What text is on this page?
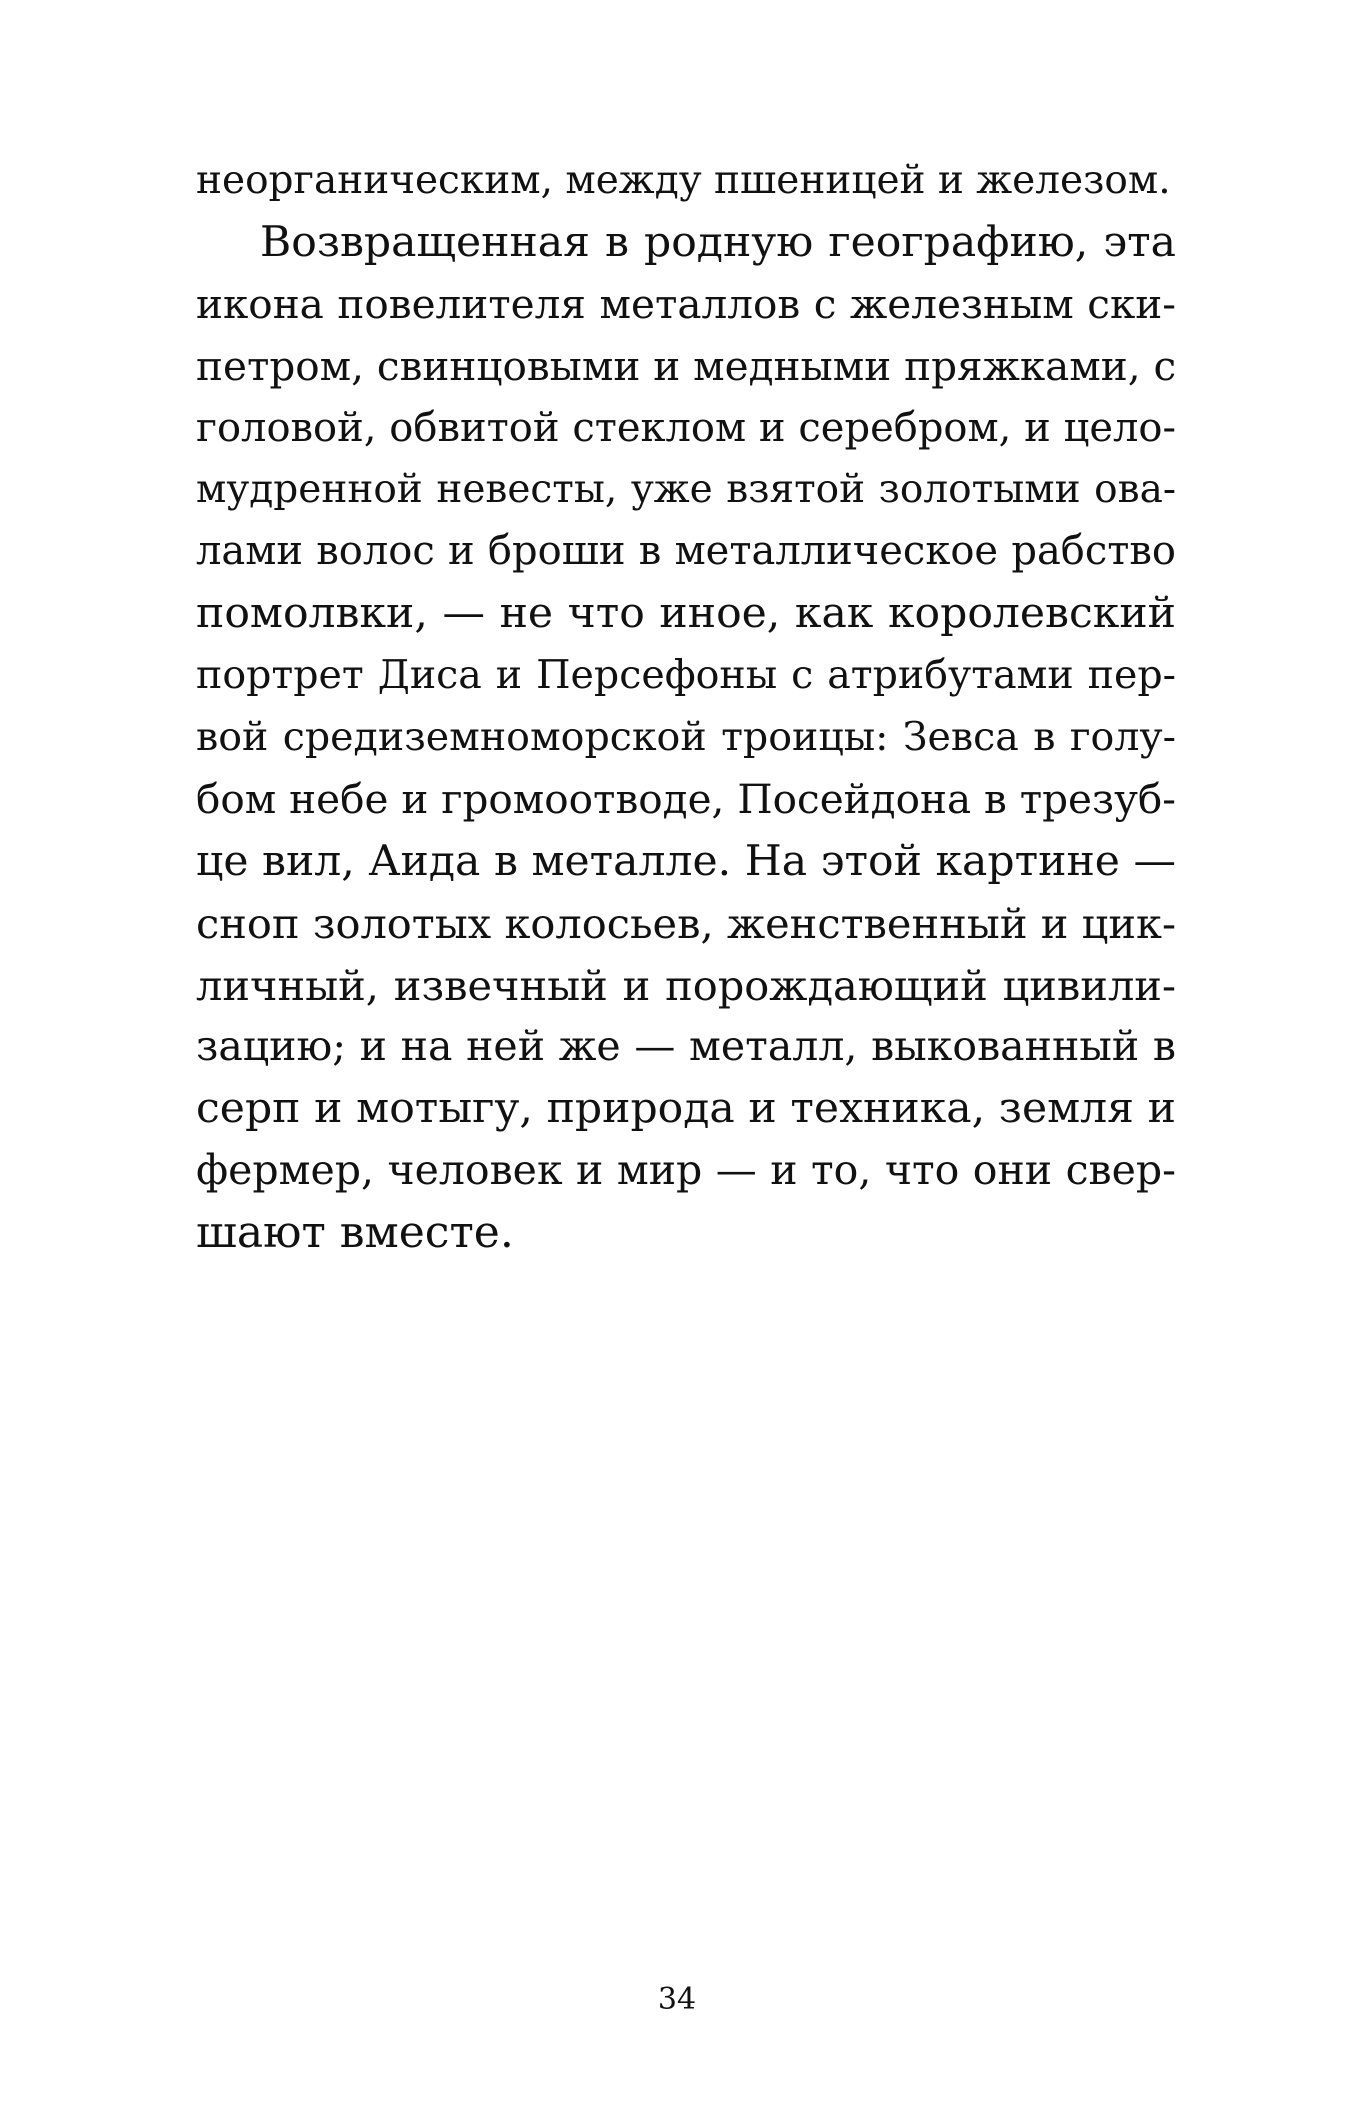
неорганическим, между пшеницей и железом.
Возвращенная в родную географию, эта
икона повелителя металлов с железным ски-
петром, свинцовыми и медными пряжками, с
головой, обвитой стеклом и серебром, и цело-
мудренной невесты, уже взятой золотыми ова-
лами волос и броши в металлическое рабство
помолвки, — не что иное, как королевский
портрет Диса и Персефоны с атрибутами пер-
вой средиземноморской троицы: Зевса в голу-
бом небе и громоотводе, Посейдона в трезуб-
це вил, Аида в металле. На этой картине —
сноп золотых колосьев, женственный и цик-
личный, извечный и порождающий цивили-
зацию; и на ней же — металл, выкованный в
серп и мотыгу, природа и техника, земля и
фермер, человек и мир — и то, что они свер-
шают вместе.
34
